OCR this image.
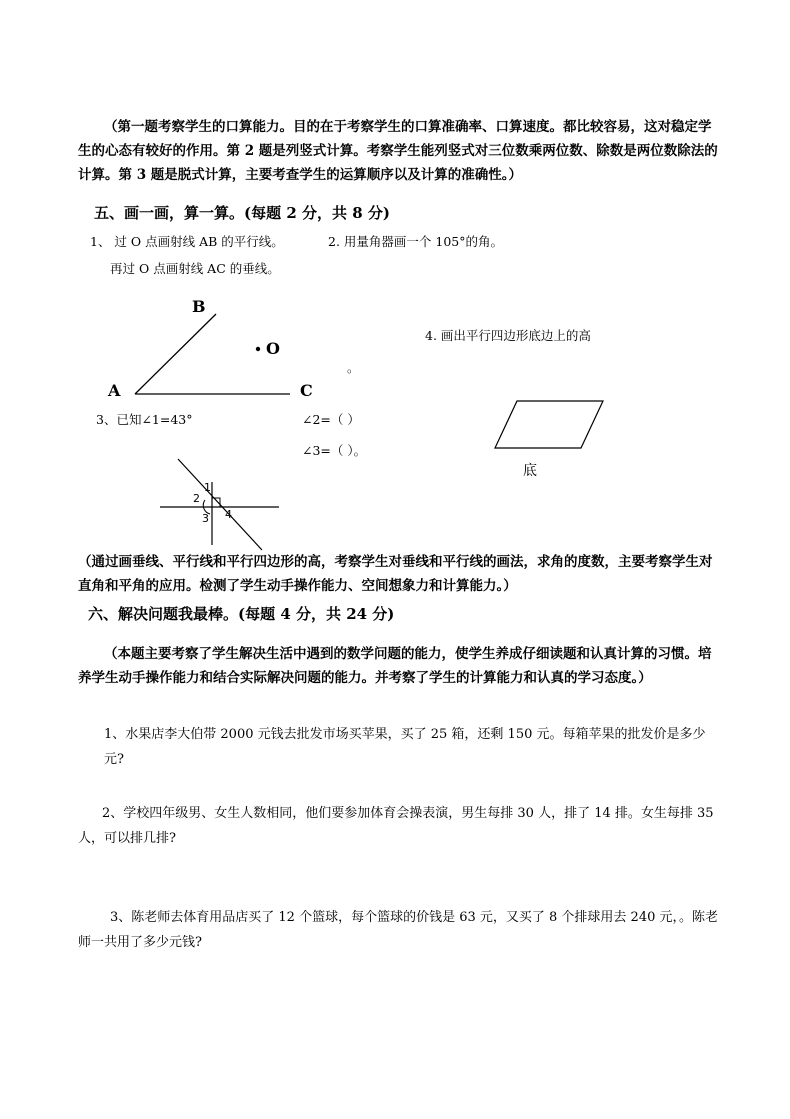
（第一题考察学生的口算能力。目的在于考察学生的口算准确率、口算速度。都比较容易，这对稳定学生的心态有较好的作用。第 2 题是列竖式计算。考察学生能列竖式对三位数乘两位数、除数是两位数除法的计算。第 3 题是脱式计算，主要考查学生的运算顺序以及计算的准确性。）
五、画一画，算一算。(每题 2 分，共 8 分)
1、 过 O 点画射线 AB 的平行线。	2. 用量角器画一个 105°的角。
再过 O 点画射线 AC 的垂线。
B
O
A	C
4. 画出平行四边形底边上的高
。
3、已知∠1=43°	∠2=（ ）
∠3=（ ）。
底
1
2
3 4
（通过画垂线、平行线和平行四边形的高，考察学生对垂线和平行线的画法，求角的度数，主要考察学生对直角和平角的应用。检测了学生动手操作能力、空间想象力和计算能力。）
六、解决问题我最棒。(每题 4 分，共 24 分)
（本题主要考察了学生解决生活中遇到的数学问题的能力，使学生养成仔细读题和认真计算的习惯。培养学生动手操作能力和结合实际解决问题的能力。并考察了学生的计算能力和认真的学习态度。）
1、水果店李大伯带 2000 元钱去批发市场买苹果，买了 25 箱，还剩 150 元。每箱苹果的批发价是多少元?
2、学校四年级男、女生人数相同，他们要参加体育会操表演，男生每排 30 人，排了 14 排。女生每排 35 人，可以排几排?
3、陈老师去体育用品店买了 12 个篮球，每个篮球的价钱是 63 元，又买了 8 个排球用去 240 元，。陈老师一共用了多少元钱?
